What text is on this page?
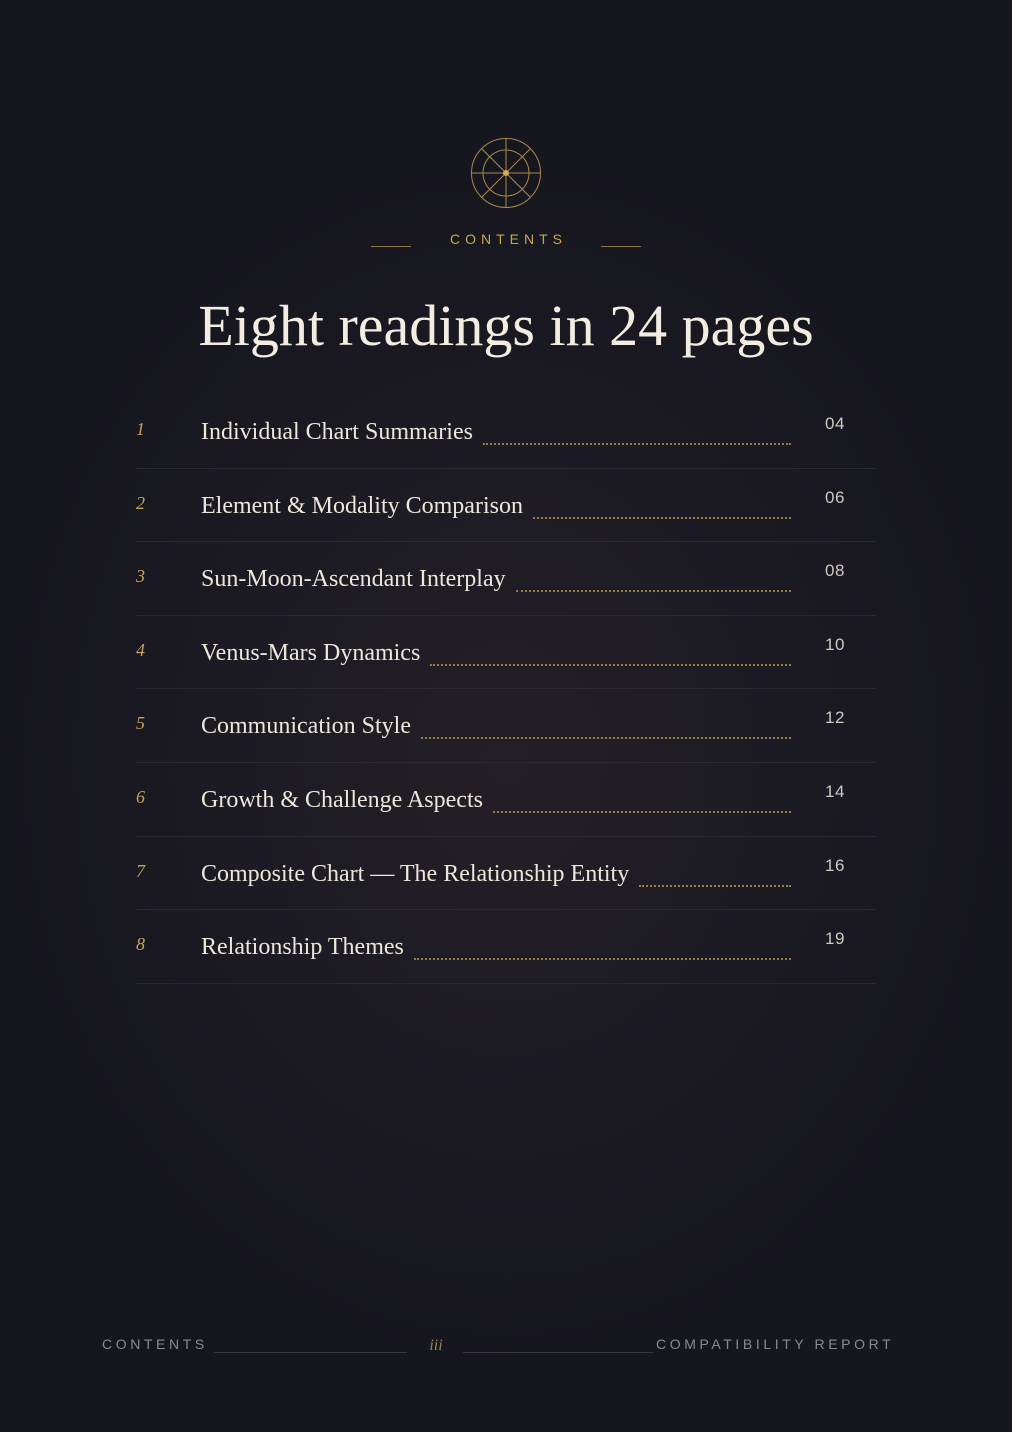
CONTENTS
Eight readings in 24 pages
1 Individual Chart Summaries	04
2 Element & Modality Comparison	06
3 Sun-Moon-Ascendant Interplay	08
4 Venus-Mars Dynamics	10
5 Communication Style	12
6 Growth & Challenge Aspects	14
7 Composite Chart — The Relationship Entity	16
8 Relationship Themes	19
CONTENTS	iii	COMPATIBILITY REPORT
